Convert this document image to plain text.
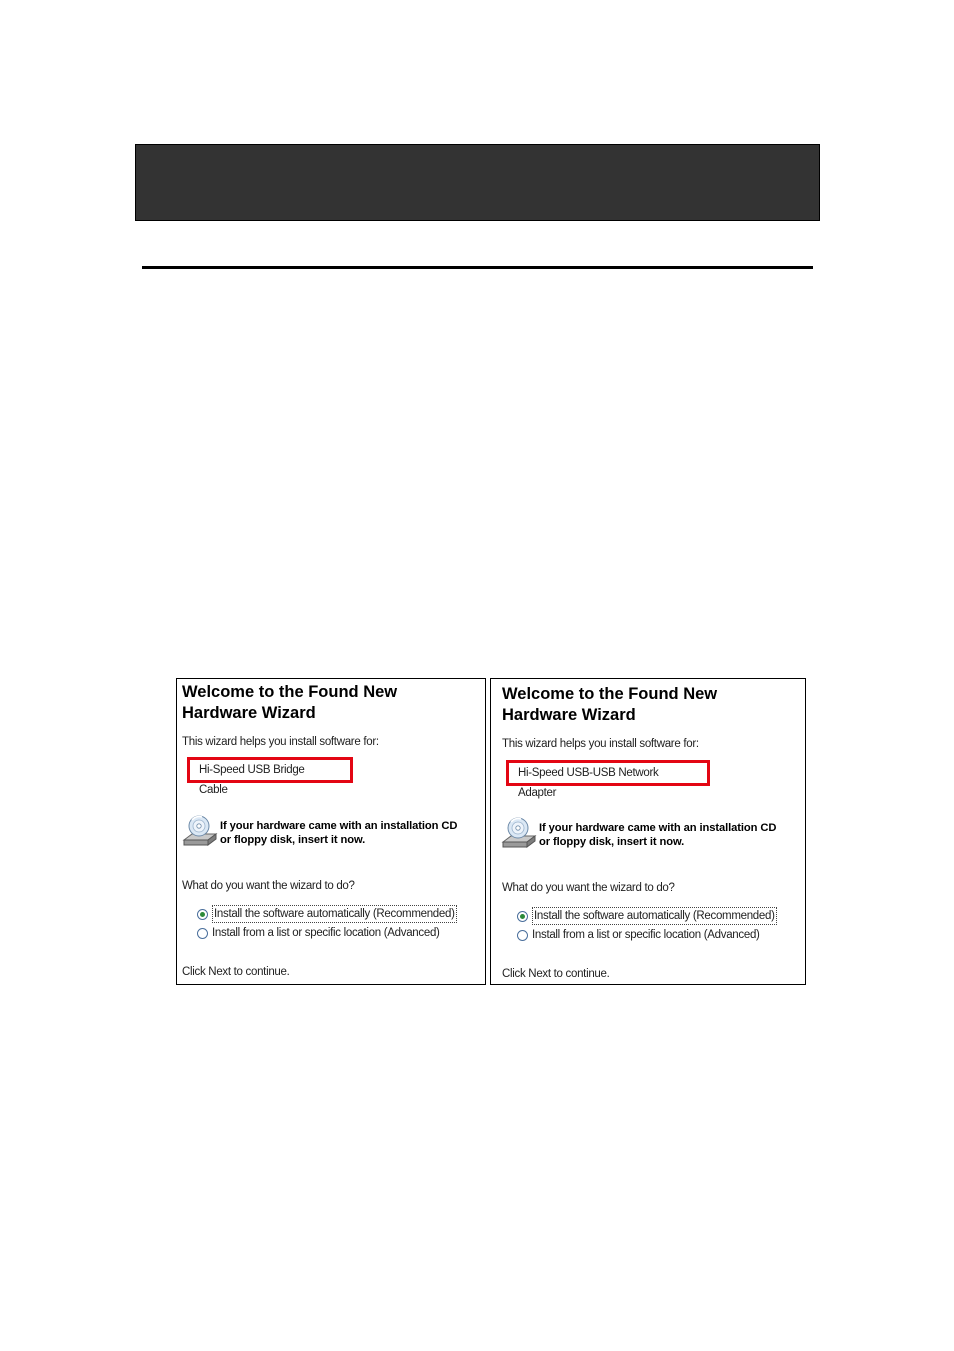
Welcome to the Found New
Hardware Wizard
This wizard helps you install software for:
Hi-Speed USB Bridge Cable
If your hardware came with an installation CD
or floppy disk, insert it now.
What do you want the wizard to do?
Install the software automatically (Recommended)
Install from a list or specific location (Advanced)
Click Next to continue.
Welcome to the Found New
Hardware Wizard
This wizard helps you install software for:
Hi-Speed USB-USB Network Adapter
If your hardware came with an installation CD
or floppy disk, insert it now.
What do you want the wizard to do?
Install the software automatically (Recommended)
Install from a list or specific location (Advanced)
Click Next to continue.
